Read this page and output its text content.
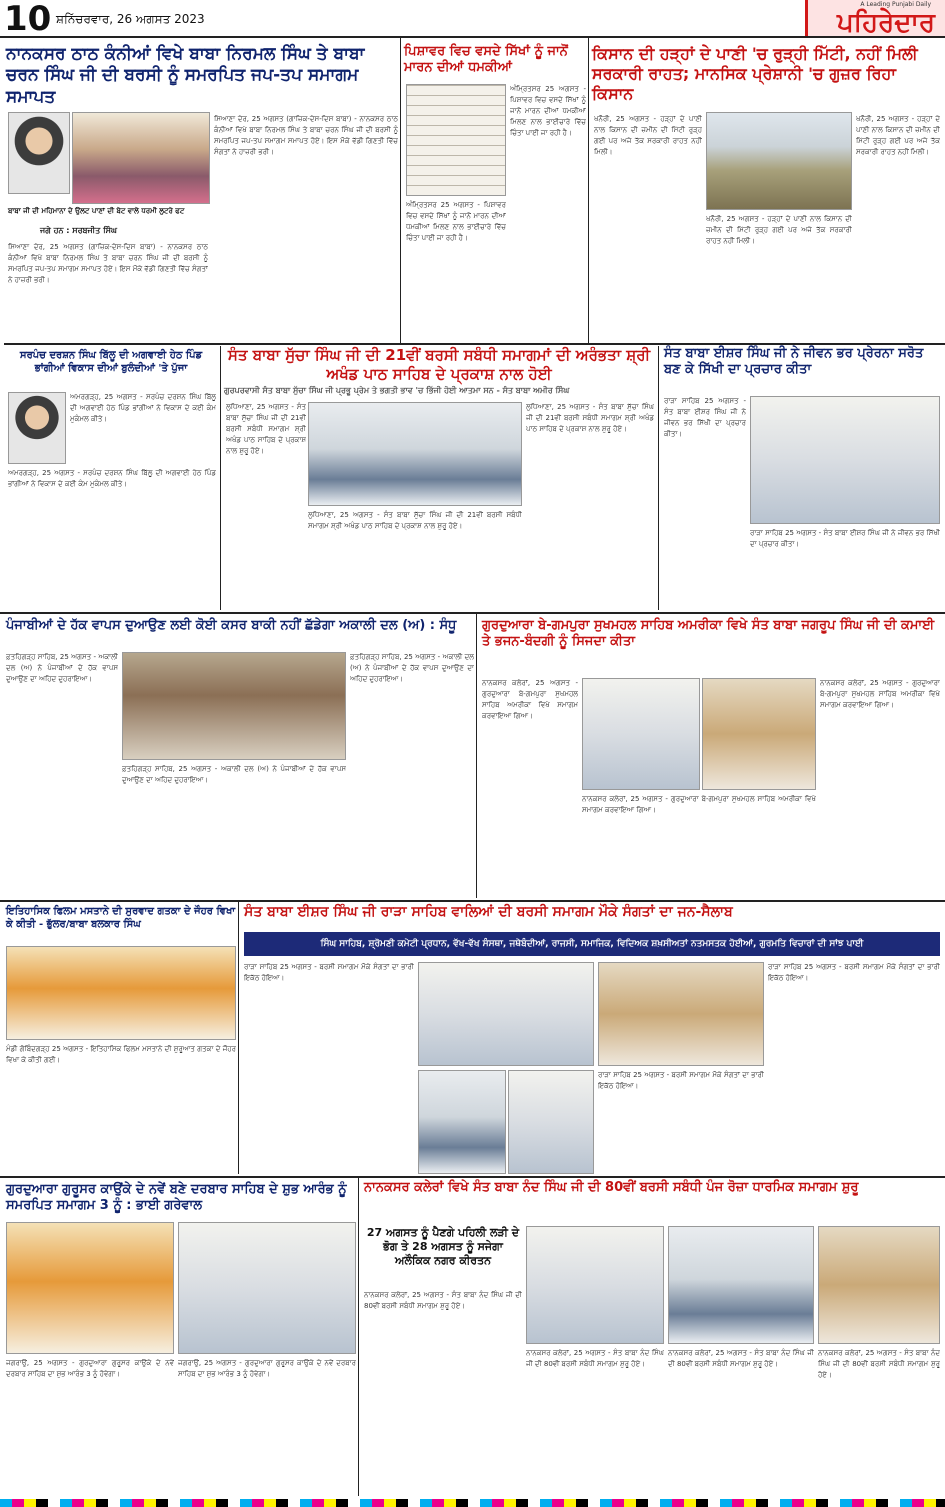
10 ਸ਼ਨਿੱਚਰਵਾਰ, 26 ਅਗਸਤ 2023
A Leading Punjabi Daily
ਪਹਿਰੇਦਾਰ
ਨਾਨਕਸਰ ਠਾਠ ਕੰਨੀਆਂ ਵਿਖੇ ਬਾਬਾ ਨਿਰਮਲ ਸਿੰਘ ਤੇ ਬਾਬਾ ਚਰਨ ਸਿੰਘ ਜੀ ਦੀ ਬਰਸੀ ਨੂੰ ਸਮਰਪਿਤ ਜਪ-ਤਪ ਸਮਾਗਮ ਸਮਾਪਤ
ਬਾਬਾ ਜੀ ਦੀ ਮਹਿਮਾਨਾ ਦੇ ਉਲਟ ਪਾਣਾਂ ਦੀ ਬੇਟ ਵਾਲੇ ਧਰਮੀ ਲੁਟਰੇ ਫਟ
ਜਗੇ ਹਨ : ਸਰਬਜੀਤ ਸਿੰਘ
ਸਿਆਣਾ ਦੇਰ, 25 ਅਗਸਤ (ਗਾਜ਼ਿਕ-ਦੇਸ-ਦਿਸ ਬਾਬਾ) - ਨਾਨਕਸਰ ਠਾਠ ਕੰਨੀਆਂ ਵਿਖੇ ਬਾਬਾ ਨਿਰਮਲ ਸਿੰਘ ਤੇ ਬਾਬਾ ਚਰਨ ਸਿੰਘ ਜੀ ਦੀ ਬਰਸੀ ਨੂੰ ਸਮਰਪਿਤ ਜਪ-ਤਪ ਸਮਾਗਮ ਸਮਾਪਤ ਹੋਏ। ਇਸ ਮੌਕੇ ਵੱਡੀ ਗਿਣਤੀ ਵਿੱਚ ਸੰਗਤਾਂ ਨੇ ਹਾਜ਼ਰੀ ਭਰੀ।
ਸਿਆਣਾ ਦੇਰ, 25 ਅਗਸਤ (ਗਾਜ਼ਿਕ-ਦੇਸ-ਦਿਸ ਬਾਬਾ) - ਨਾਨਕਸਰ ਠਾਠ ਕੰਨੀਆਂ ਵਿਖੇ ਬਾਬਾ ਨਿਰਮਲ ਸਿੰਘ ਤੇ ਬਾਬਾ ਚਰਨ ਸਿੰਘ ਜੀ ਦੀ ਬਰਸੀ ਨੂੰ ਸਮਰਪਿਤ ਜਪ-ਤਪ ਸਮਾਗਮ ਸਮਾਪਤ ਹੋਏ। ਇਸ ਮੌਕੇ ਵੱਡੀ ਗਿਣਤੀ ਵਿੱਚ ਸੰਗਤਾਂ ਨੇ ਹਾਜ਼ਰੀ ਭਰੀ।
ਪਿਸ਼ਾਵਰ ਵਿਚ ਵਸਦੇ ਸਿੱਖਾਂ ਨੂੰ ਜਾਨੋਂ ਮਾਰਨ ਦੀਆਂ ਧਮਕੀਆਂ
ਅੰਮ੍ਰਿਤਸਰ 25 ਅਗਸਤ - ਪਿਸ਼ਾਵਰ ਵਿਚ ਵਸਦੇ ਸਿੱਖਾਂ ਨੂੰ ਜਾਨੋਂ ਮਾਰਨ ਦੀਆਂ ਧਮਕੀਆਂ ਮਿਲਣ ਨਾਲ ਭਾਈਚਾਰੇ ਵਿੱਚ ਚਿੰਤਾ ਪਾਈ ਜਾ ਰਹੀ ਹੈ।
ਅੰਮ੍ਰਿਤਸਰ 25 ਅਗਸਤ - ਪਿਸ਼ਾਵਰ ਵਿਚ ਵਸਦੇ ਸਿੱਖਾਂ ਨੂੰ ਜਾਨੋਂ ਮਾਰਨ ਦੀਆਂ ਧਮਕੀਆਂ ਮਿਲਣ ਨਾਲ ਭਾਈਚਾਰੇ ਵਿੱਚ ਚਿੰਤਾ ਪਾਈ ਜਾ ਰਹੀ ਹੈ।
ਕਿਸਾਨ ਦੀ ਹੜ੍ਹਾਂ ਦੇ ਪਾਣੀ 'ਚ ਰੁੜ੍ਹੀ ਮਿੱਟੀ, ਨਹੀਂ ਮਿਲੀ ਸਰਕਾਰੀ ਰਾਹਤ; ਮਾਨਸਿਕ ਪ੍ਰੇਸ਼ਾਨੀ 'ਚ ਗੁਜ਼ਰ ਰਿਹਾ ਕਿਸਾਨ
ਖਨੌਰੀ, 25 ਅਗਸਤ - ਹੜ੍ਹਾਂ ਦੇ ਪਾਣੀ ਨਾਲ ਕਿਸਾਨ ਦੀ ਜ਼ਮੀਨ ਦੀ ਮਿੱਟੀ ਰੁੜ੍ਹ ਗਈ ਪਰ ਅਜੇ ਤੱਕ ਸਰਕਾਰੀ ਰਾਹਤ ਨਹੀਂ ਮਿਲੀ।
ਖਨੌਰੀ, 25 ਅਗਸਤ - ਹੜ੍ਹਾਂ ਦੇ ਪਾਣੀ ਨਾਲ ਕਿਸਾਨ ਦੀ ਜ਼ਮੀਨ ਦੀ ਮਿੱਟੀ ਰੁੜ੍ਹ ਗਈ ਪਰ ਅਜੇ ਤੱਕ ਸਰਕਾਰੀ ਰਾਹਤ ਨਹੀਂ ਮਿਲੀ।
ਖਨੌਰੀ, 25 ਅਗਸਤ - ਹੜ੍ਹਾਂ ਦੇ ਪਾਣੀ ਨਾਲ ਕਿਸਾਨ ਦੀ ਜ਼ਮੀਨ ਦੀ ਮਿੱਟੀ ਰੁੜ੍ਹ ਗਈ ਪਰ ਅਜੇ ਤੱਕ ਸਰਕਾਰੀ ਰਾਹਤ ਨਹੀਂ ਮਿਲੀ।
ਸਰਪੰਚ ਦਰਸ਼ਨ ਸਿੰਘ ਬਿੱਲੂ ਦੀ ਅਗਵਾਈ ਹੇਠ ਪਿੰਡ ਭਾਂਗੀਆਂ ਵਿਕਾਸ ਦੀਆਂ ਬੁਲੰਦੀਆਂ 'ਤੇ ਪੁੱਜਾ
ਅਮਰਗੜ੍ਹ, 25 ਅਗਸਤ - ਸਰਪੰਚ ਦਰਸ਼ਨ ਸਿੰਘ ਬਿੱਲੂ ਦੀ ਅਗਵਾਈ ਹੇਠ ਪਿੰਡ ਭਾਂਗੀਆਂ ਨੇ ਵਿਕਾਸ ਦੇ ਕਈ ਕੰਮ ਮੁਕੰਮਲ ਕੀਤੇ।
ਅਮਰਗੜ੍ਹ, 25 ਅਗਸਤ - ਸਰਪੰਚ ਦਰਸ਼ਨ ਸਿੰਘ ਬਿੱਲੂ ਦੀ ਅਗਵਾਈ ਹੇਠ ਪਿੰਡ ਭਾਂਗੀਆਂ ਨੇ ਵਿਕਾਸ ਦੇ ਕਈ ਕੰਮ ਮੁਕੰਮਲ ਕੀਤੇ।
ਸੰਤ ਬਾਬਾ ਸੁੱਚਾ ਸਿੰਘ ਜੀ ਦੀ 21ਵੀਂ ਬਰਸੀ ਸਬੰਧੀ ਸਮਾਗਮਾਂ ਦੀ ਅਰੰਭਤਾ ਸ਼੍ਰੀ ਅਖੰਡ ਪਾਠ ਸਾਹਿਬ ਦੇ ਪ੍ਰਕਾਸ਼ ਨਾਲ ਹੋਈ
ਗੁਰਪਰਵਾਸੀ ਸੰਤ ਬਾਬਾ ਸੁੱਚਾ ਸਿੰਘ ਜੀ ਪ੍ਰਭੂ ਪ੍ਰੇਮ ਤੇ ਭਗਤੀ ਭਾਵ 'ਚ ਭਿੱਜੀ ਹੋਈ ਆਤਮਾ ਸਨ - ਸੰਤ ਬਾਬਾ ਅਮੀਰ ਸਿੰਘ
ਲੁਧਿਆਣਾ, 25 ਅਗਸਤ - ਸੰਤ ਬਾਬਾ ਸੁੱਚਾ ਸਿੰਘ ਜੀ ਦੀ 21ਵੀਂ ਬਰਸੀ ਸਬੰਧੀ ਸਮਾਗਮ ਸ਼੍ਰੀ ਅਖੰਡ ਪਾਠ ਸਾਹਿਬ ਦੇ ਪ੍ਰਕਾਸ਼ ਨਾਲ ਸ਼ੁਰੂ ਹੋਏ।
ਲੁਧਿਆਣਾ, 25 ਅਗਸਤ - ਸੰਤ ਬਾਬਾ ਸੁੱਚਾ ਸਿੰਘ ਜੀ ਦੀ 21ਵੀਂ ਬਰਸੀ ਸਬੰਧੀ ਸਮਾਗਮ ਸ਼੍ਰੀ ਅਖੰਡ ਪਾਠ ਸਾਹਿਬ ਦੇ ਪ੍ਰਕਾਸ਼ ਨਾਲ ਸ਼ੁਰੂ ਹੋਏ।
ਲੁਧਿਆਣਾ, 25 ਅਗਸਤ - ਸੰਤ ਬਾਬਾ ਸੁੱਚਾ ਸਿੰਘ ਜੀ ਦੀ 21ਵੀਂ ਬਰਸੀ ਸਬੰਧੀ ਸਮਾਗਮ ਸ਼੍ਰੀ ਅਖੰਡ ਪਾਠ ਸਾਹਿਬ ਦੇ ਪ੍ਰਕਾਸ਼ ਨਾਲ ਸ਼ੁਰੂ ਹੋਏ।
ਸੰਤ ਬਾਬਾ ਈਸ਼ਰ ਸਿੰਘ ਜੀ ਨੇ ਜੀਵਨ ਭਰ ਪ੍ਰੇਰਨਾ ਸਰੋਤ ਬਣ ਕੇ ਸਿੱਖੀ ਦਾ ਪ੍ਰਚਾਰ ਕੀਤਾ
ਰਾੜਾ ਸਾਹਿਬ 25 ਅਗਸਤ - ਸੰਤ ਬਾਬਾ ਈਸ਼ਰ ਸਿੰਘ ਜੀ ਨੇ ਜੀਵਨ ਭਰ ਸਿੱਖੀ ਦਾ ਪ੍ਰਚਾਰ ਕੀਤਾ।
ਰਾੜਾ ਸਾਹਿਬ 25 ਅਗਸਤ - ਸੰਤ ਬਾਬਾ ਈਸ਼ਰ ਸਿੰਘ ਜੀ ਨੇ ਜੀਵਨ ਭਰ ਸਿੱਖੀ ਦਾ ਪ੍ਰਚਾਰ ਕੀਤਾ।
ਪੰਜਾਬੀਆਂ ਦੇ ਹੱਕ ਵਾਪਸ ਦੁਆਉਣ ਲਈ ਕੋਈ ਕਸਰ ਬਾਕੀ ਨਹੀਂ ਛੱਡੇਗਾ ਅਕਾਲੀ ਦਲ (ਅ) : ਸੰਧੂ
ਫ਼ਤਹਿਗੜ੍ਹ ਸਾਹਿਬ, 25 ਅਗਸਤ - ਅਕਾਲੀ ਦਲ (ਅ) ਨੇ ਪੰਜਾਬੀਆਂ ਦੇ ਹੱਕ ਵਾਪਸ ਦੁਆਉਣ ਦਾ ਅਹਿਦ ਦੁਹਰਾਇਆ।
ਫ਼ਤਹਿਗੜ੍ਹ ਸਾਹਿਬ, 25 ਅਗਸਤ - ਅਕਾਲੀ ਦਲ (ਅ) ਨੇ ਪੰਜਾਬੀਆਂ ਦੇ ਹੱਕ ਵਾਪਸ ਦੁਆਉਣ ਦਾ ਅਹਿਦ ਦੁਹਰਾਇਆ।
ਫ਼ਤਹਿਗੜ੍ਹ ਸਾਹਿਬ, 25 ਅਗਸਤ - ਅਕਾਲੀ ਦਲ (ਅ) ਨੇ ਪੰਜਾਬੀਆਂ ਦੇ ਹੱਕ ਵਾਪਸ ਦੁਆਉਣ ਦਾ ਅਹਿਦ ਦੁਹਰਾਇਆ।
ਗੁਰਦੁਆਰਾ ਬੇ-ਗਮਪੁਰਾ ਸੁਖਮਹਲ ਸਾਹਿਬ ਅਮਰੀਕਾ ਵਿਖੇ ਸੰਤ ਬਾਬਾ ਜਗਰੂਪ ਸਿੰਘ ਜੀ ਦੀ ਕਮਾਈ ਤੇ ਭਜਨ-ਬੰਦਗੀ ਨੂੰ ਸਿਜਦਾ ਕੀਤਾ
ਨਾਨਕਸਰ ਕਲੇਰਾਂ, 25 ਅਗਸਤ - ਗੁਰਦੁਆਰਾ ਬੇ-ਗਮਪੁਰਾ ਸੁਖਮਹਲ ਸਾਹਿਬ ਅਮਰੀਕਾ ਵਿਖੇ ਸਮਾਗਮ ਕਰਵਾਇਆ ਗਿਆ।
ਨਾਨਕਸਰ ਕਲੇਰਾਂ, 25 ਅਗਸਤ - ਗੁਰਦੁਆਰਾ ਬੇ-ਗਮਪੁਰਾ ਸੁਖਮਹਲ ਸਾਹਿਬ ਅਮਰੀਕਾ ਵਿਖੇ ਸਮਾਗਮ ਕਰਵਾਇਆ ਗਿਆ।
ਨਾਨਕਸਰ ਕਲੇਰਾਂ, 25 ਅਗਸਤ - ਗੁਰਦੁਆਰਾ ਬੇ-ਗਮਪੁਰਾ ਸੁਖਮਹਲ ਸਾਹਿਬ ਅਮਰੀਕਾ ਵਿਖੇ ਸਮਾਗਮ ਕਰਵਾਇਆ ਗਿਆ।
ਇਤਿਹਾਸਿਕ ਫਿਲਮ ਮਸਤਾਨੇ ਦੀ ਸੁਰਵਾਦ ਗਤਕਾ ਦੇ ਜੌਹਰ ਵਿਖਾ ਕੇ ਕੀਤੀ - ਭੁੱਲਰ/ਬਾਬਾ ਬਲਕਾਰ ਸਿੰਘ
ਮੰਡੀ ਗੋਬਿੰਦਗੜ੍ਹ 25 ਅਗਸਤ - ਇਤਿਹਾਸਿਕ ਫਿਲਮ ਮਸਤਾਨੇ ਦੀ ਸ਼ੁਰੂਆਤ ਗਤਕਾ ਦੇ ਜੌਹਰ ਵਿਖਾ ਕੇ ਕੀਤੀ ਗਈ।
ਸੰਤ ਬਾਬਾ ਈਸ਼ਰ ਸਿੰਘ ਜੀ ਰਾੜਾ ਸਾਹਿਬ ਵਾਲਿਆਂ ਦੀ ਬਰਸੀ ਸਮਾਗਮ ਮੌਕੇ ਸੰਗਤਾਂ ਦਾ ਜਨ-ਸੈਲਾਬ
ਸਿੰਘ ਸਾਹਿਬ, ਸ਼੍ਰੋਮਣੀ ਕਮੇਟੀ ਪ੍ਰਧਾਨ, ਵੱਖ-ਵੱਖ ਸੰਸਥਾ, ਜਥੇਬੰਦੀਆਂ, ਰਾਜਸੀ, ਸਮਾਜਿਕ, ਵਿਦਿਅਕ ਸ਼ਖ਼ਸੀਅਤਾਂ ਨਤਮਸਤਕ ਹੋਈਆਂ, ਗੁਰਮਤਿ ਵਿਚਾਰਾਂ ਦੀ ਸਾਂਝ ਪਾਈ
ਰਾੜਾ ਸਾਹਿਬ 25 ਅਗਸਤ - ਬਰਸੀ ਸਮਾਗਮ ਮੌਕੇ ਸੰਗਤਾਂ ਦਾ ਭਾਰੀ ਇਕੱਠ ਹੋਇਆ।
ਰਾੜਾ ਸਾਹਿਬ 25 ਅਗਸਤ - ਬਰਸੀ ਸਮਾਗਮ ਮੌਕੇ ਸੰਗਤਾਂ ਦਾ ਭਾਰੀ ਇਕੱਠ ਹੋਇਆ।
ਰਾੜਾ ਸਾਹਿਬ 25 ਅਗਸਤ - ਬਰਸੀ ਸਮਾਗਮ ਮੌਕੇ ਸੰਗਤਾਂ ਦਾ ਭਾਰੀ ਇਕੱਠ ਹੋਇਆ।
ਗੁਰਦੁਆਰਾ ਗੁਰੂਸਰ ਕਾਉਂਕੇ ਦੇ ਨਵੇਂ ਬਣੇ ਦਰਬਾਰ ਸਾਹਿਬ ਦੇ ਸ਼ੁਭ ਆਰੰਭ ਨੂੰ ਸਮਰਪਿਤ ਸਮਾਗਮ 3 ਨੂੰ : ਭਾਈ ਗਰੇਵਾਲ
ਜਗਰਾਉਂ, 25 ਅਗਸਤ - ਗੁਰਦੁਆਰਾ ਗੁਰੂਸਰ ਕਾਉਂਕੇ ਦੇ ਨਵੇਂ ਦਰਬਾਰ ਸਾਹਿਬ ਦਾ ਸ਼ੁਭ ਆਰੰਭ 3 ਨੂੰ ਹੋਵੇਗਾ।
ਜਗਰਾਉਂ, 25 ਅਗਸਤ - ਗੁਰਦੁਆਰਾ ਗੁਰੂਸਰ ਕਾਉਂਕੇ ਦੇ ਨਵੇਂ ਦਰਬਾਰ ਸਾਹਿਬ ਦਾ ਸ਼ੁਭ ਆਰੰਭ 3 ਨੂੰ ਹੋਵੇਗਾ।
ਨਾਨਕਸਰ ਕਲੇਰਾਂ ਵਿਖੇ ਸੰਤ ਬਾਬਾ ਨੰਦ ਸਿੰਘ ਜੀ ਦੀ 80ਵੀਂ ਬਰਸੀ ਸਬੰਧੀ ਪੰਜ ਰੋਜ਼ਾ ਧਾਰਮਿਕ ਸਮਾਗਮ ਸ਼ੁਰੂ
27 ਅਗਸਤ ਨੂੰ ਪੈਣਗੇ ਪਹਿਲੀ ਲੜੀ ਦੇ ਭੋਗ ਤੇ 28 ਅਗਸਤ ਨੂੰ ਸਜੇਗਾ ਅਲੌਕਿਕ ਨਗਰ ਕੀਰਤਨ
ਨਾਨਕਸਰ ਕਲੇਰਾਂ, 25 ਅਗਸਤ - ਸੰਤ ਬਾਬਾ ਨੰਦ ਸਿੰਘ ਜੀ ਦੀ 80ਵੀਂ ਬਰਸੀ ਸਬੰਧੀ ਸਮਾਗਮ ਸ਼ੁਰੂ ਹੋਏ।
ਨਾਨਕਸਰ ਕਲੇਰਾਂ, 25 ਅਗਸਤ - ਸੰਤ ਬਾਬਾ ਨੰਦ ਸਿੰਘ ਜੀ ਦੀ 80ਵੀਂ ਬਰਸੀ ਸਬੰਧੀ ਸਮਾਗਮ ਸ਼ੁਰੂ ਹੋਏ।
ਨਾਨਕਸਰ ਕਲੇਰਾਂ, 25 ਅਗਸਤ - ਸੰਤ ਬਾਬਾ ਨੰਦ ਸਿੰਘ ਜੀ ਦੀ 80ਵੀਂ ਬਰਸੀ ਸਬੰਧੀ ਸਮਾਗਮ ਸ਼ੁਰੂ ਹੋਏ।
ਨਾਨਕਸਰ ਕਲੇਰਾਂ, 25 ਅਗਸਤ - ਸੰਤ ਬਾਬਾ ਨੰਦ ਸਿੰਘ ਜੀ ਦੀ 80ਵੀਂ ਬਰਸੀ ਸਬੰਧੀ ਸਮਾਗਮ ਸ਼ੁਰੂ ਹੋਏ।
